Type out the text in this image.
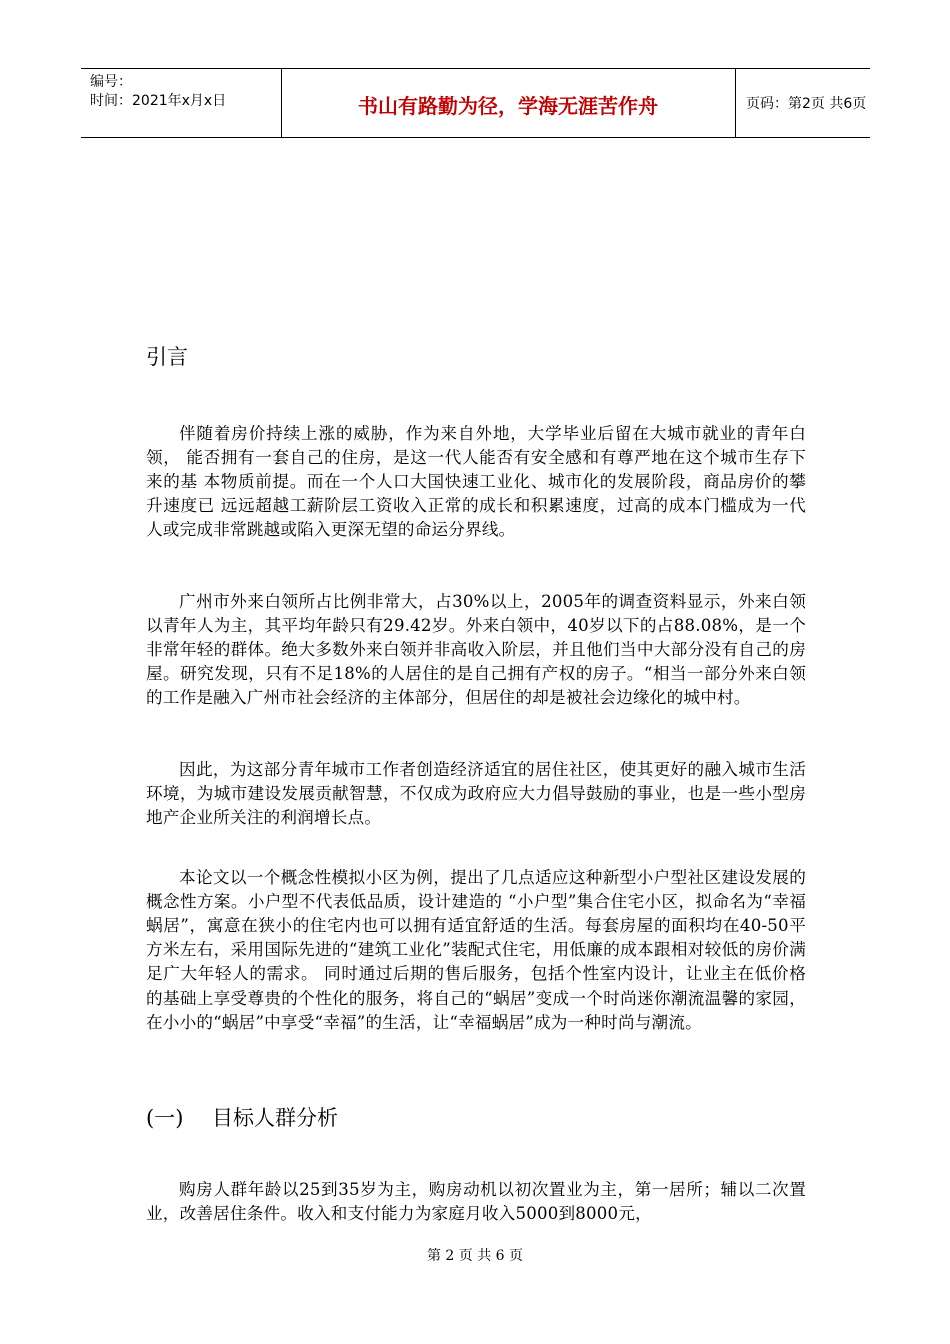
编号：
时间：2021年x月x日	书山有路勤为径，学海无涯苦作舟	页码：第2页 共6页
引言

伴随着房价持续上涨的威胁，作为来自外地，大学毕业后留在大城市就业的青年白领， 能否拥有一套自己的住房，是这一代人能否有安全感和有尊严地在这个城市生存下来的基 本物质前提。而在一个人口大国快速工业化、城市化的发展阶段，商品房价的攀升速度已 远远超越工薪阶层工资收入正常的成长和积累速度，过高的成本门槛成为一代人或完成非常跳越或陷入更深无望的命运分界线。

广州市外来白领所占比例非常大，占30%以上，2005年的调查资料显示，外来白领以青年人为主，其平均年龄只有29.42岁。外来白领中，40岁以下的占88.08%，是一个非常年轻的群体。绝大多数外来白领并非高收入阶层，并且他们当中大部分没有自己的房屋。研究发现，只有不足18%的人居住的是自己拥有产权的房子。“相当一部分外来白领的工作是融入广州市社会经济的主体部分，但居住的却是被社会边缘化的城中村。

因此，为这部分青年城市工作者创造经济适宜的居住社区，使其更好的融入城市生活环境，为城市建设发展贡献智慧，不仅成为政府应大力倡导鼓励的事业，也是一些小型房地产企业所关注的利润增长点。

本论文以一个概念性模拟小区为例，提出了几点适应这种新型小户型社区建设发展的概念性方案。小户型不代表低品质，设计建造的 “小户型”集合住宅小区，拟命名为“幸福蜗居”，寓意在狭小的住宅内也可以拥有适宜舒适的生活。每套房屋的面积均在40-50平方米左右，采用国际先进的“建筑工业化”装配式住宅，用低廉的成本跟相对较低的房价满足广大年轻人的需求。 同时通过后期的售后服务，包括个性室内设计，让业主在低价格的基础上享受尊贵的个性化的服务，将自己的“蜗居”变成一个时尚迷你潮流温馨的家园，在小小的“蜗居”中享受“幸福”的生活，让“幸福蜗居”成为一种时尚与潮流。

(一) 目标人群分析

购房人群年龄以25到35岁为主，购房动机以初次置业为主，第一居所；辅以二次置业，改善居住条件。收入和支付能力为家庭月收入5000到8000元，

第 2 页 共 6 页
